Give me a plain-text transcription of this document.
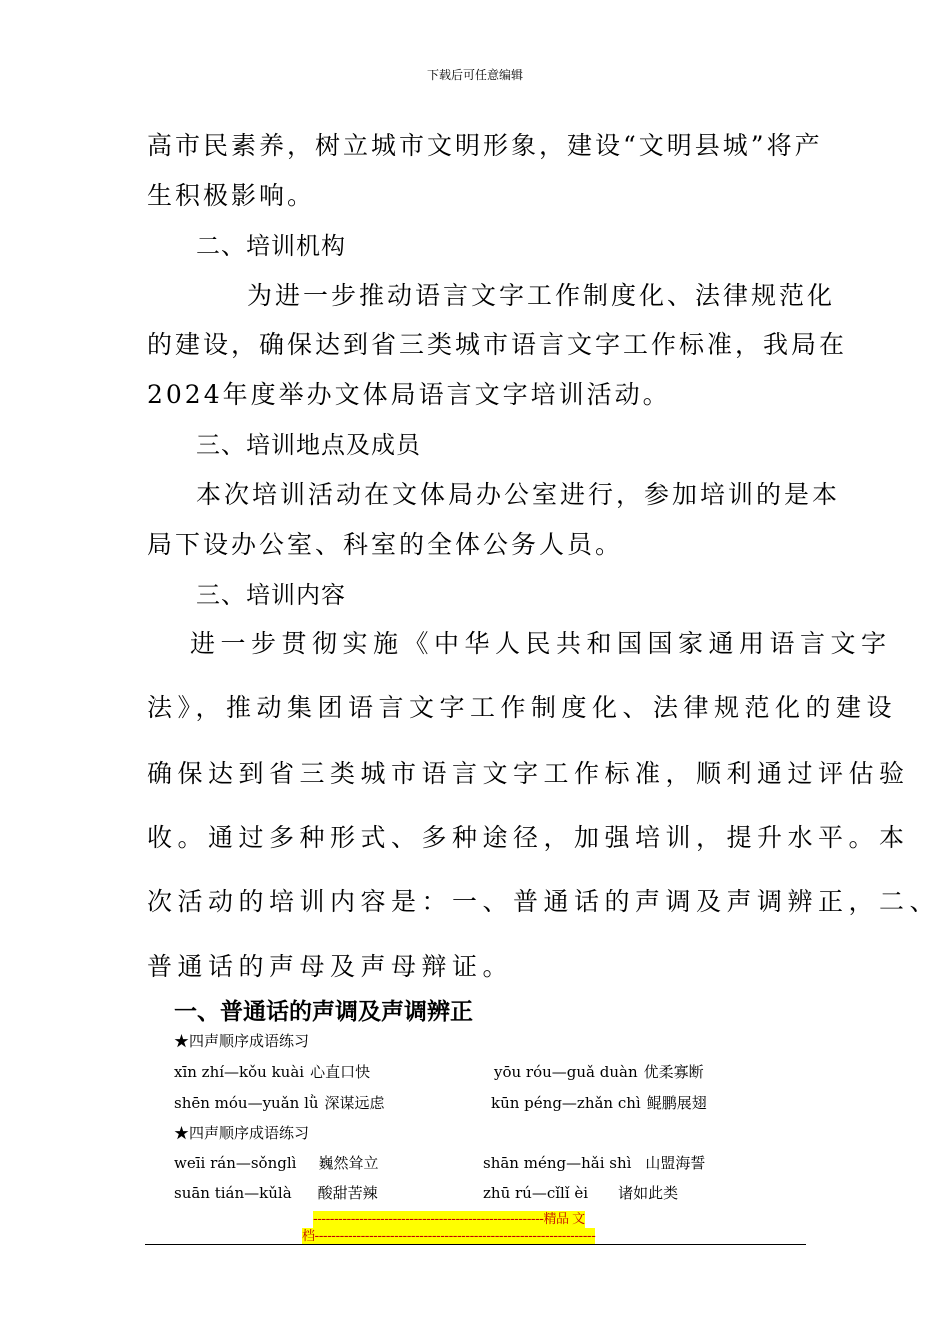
下载后可任意编辑
高市民素养，树立城市文明形象，建设“文明县城”将产
生积极影响。
二、培训机构
为进一步推动语言文字工作制度化、法律规范化
的建设，确保达到省三类城市语言文字工作标准，我局在
2024年度举办文体局语言文字培训活动。
三、培训地点及成员
本次培训活动在文体局办公室进行，参加培训的是本
局下设办公室、科室的全体公务人员。
三、培训内容
进一步贯彻实施《中华人民共和国国家通用语言文字
法》，推动集团语言文字工作制度化、法律规范化的建设
确保达到省三类城市语言文字工作标准，顺利通过评估验
收。通过多种形式、多种途径，加强培训，提升水平。本
次活动的培训内容是：一、普通话的声调及声调辨正，二、
普通话的声母及声母辩证。
一、普通话的声调及声调辨正
★四声顺序成语练习
xīn zhí—kǒu kuài 心直口快	yōu róu—guǎ duàn 优柔寡断
shēn móu—yuǎn lǜ 深谋远虑	kūn péng—zhǎn chì 鲲鹏展翅
★四声顺序成语练习
weīi rán—sǒnglì 巍然耸立	shān méng—hǎi shì 山盟海誓
suān tián—kǔlà 酸甜苦辣	zhū rú—cǐlǐ èi 诸如此类
-------------------------------------------------------精品 文
档-------------------------------------------------------------------
